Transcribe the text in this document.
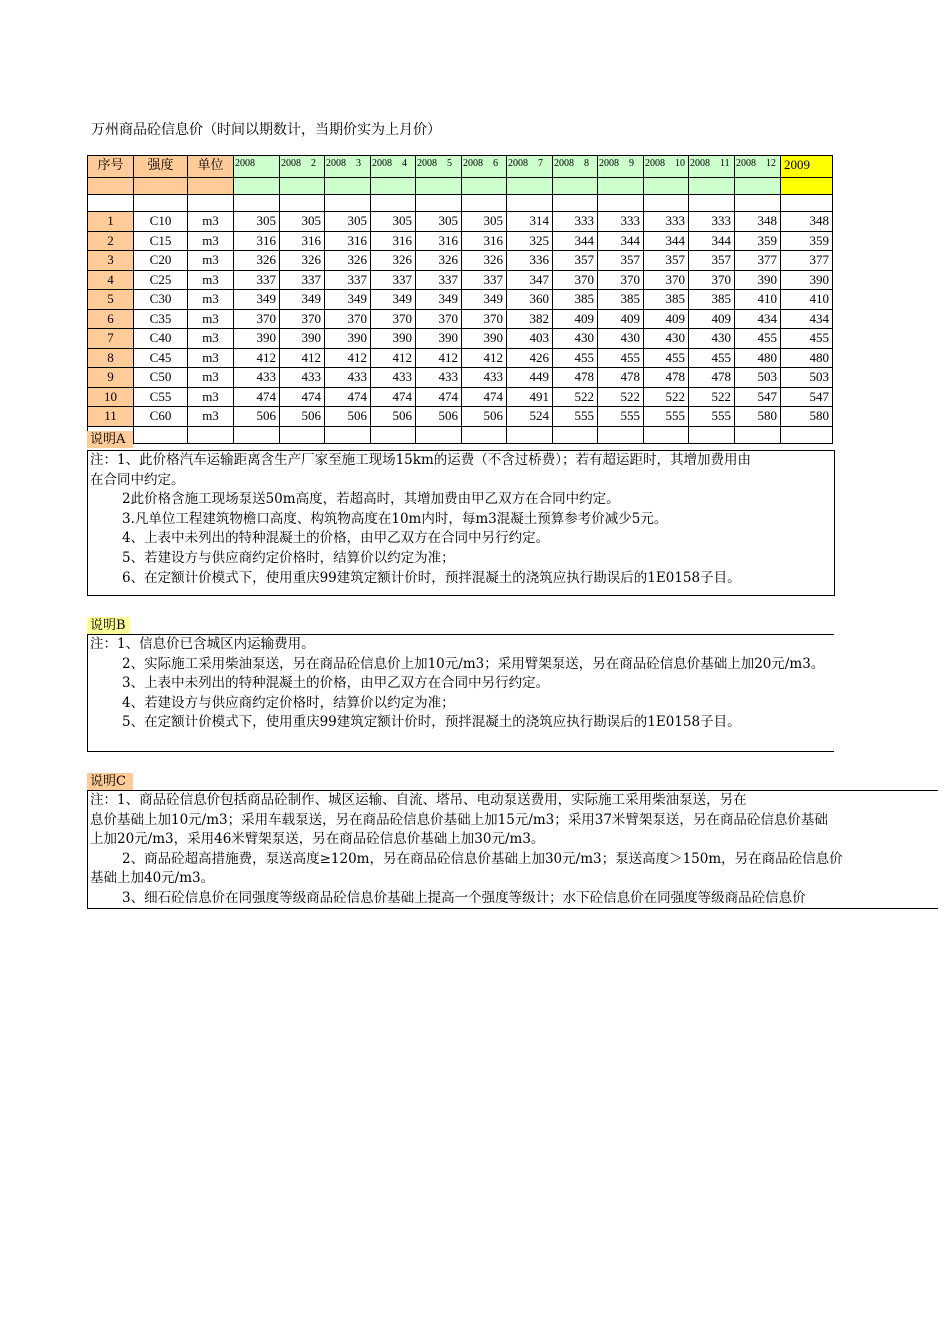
万州商品砼信息价（时间以期数计，当期价实为上月价）
序号	强度	单位	2008	2008　2	2008　3	2008　4	2008　5	2008　6	2008　7	2008　8	2008　9	2008　10	2008　11	2008　12	2009

1	C10	m3	305	305	305	305	305	305	314	333	333	333	333	348	348
2	C15	m3	316	316	316	316	316	316	325	344	344	344	344	359	359
3	C20	m3	326	326	326	326	326	326	336	357	357	357	357	377	377
4	C25	m3	337	337	337	337	337	337	347	370	370	370	370	390	390
5	C30	m3	349	349	349	349	349	349	360	385	385	385	385	410	410
6	C35	m3	370	370	370	370	370	370	382	409	409	409	409	434	434
7	C40	m3	390	390	390	390	390	390	403	430	430	430	430	455	455
8	C45	m3	412	412	412	412	412	412	426	455	455	455	455	480	480
9	C50	m3	433	433	433	433	433	433	449	478	478	478	478	503	503
10	C55	m3	474	474	474	474	474	474	491	522	522	522	522	547	547
11	C60	m3	506	506	506	506	506	506	524	555	555	555	555	580	580

说明A
注：1、此价格汽车运输距离含生产厂家至施工现场15km的运费（不含过桥费）；若有超运距时，其增加费用由
在合同中约定。
2此价格含施工现场泵送50m高度，若超高时，其增加费由甲乙双方在合同中约定。
3.凡单位工程建筑物檐口高度、构筑物高度在10m内时，每m3混凝土预算参考价减少5元。
4、上表中未列出的特种混凝土的价格，由甲乙双方在合同中另行约定。
5、若建设方与供应商约定价格时，结算价以约定为准；
6、在定额计价模式下，使用重庆99建筑定额计价时，预拌混凝土的浇筑应执行勘误后的1E0158子目。
说明B
注：1、信息价已含城区内运输费用。
2、实际施工采用柴油泵送，另在商品砼信息价上加10元/m3；采用臂架泵送，另在商品砼信息价基础上加20元/m3。
3、上表中未列出的特种混凝土的价格，由甲乙双方在合同中另行约定。
4、若建设方与供应商约定价格时，结算价以约定为准；
5、在定额计价模式下，使用重庆99建筑定额计价时，预拌混凝土的浇筑应执行勘误后的1E0158子目。
说明C
注：1、商品砼信息价包括商品砼制作、城区运输、自流、塔吊、电动泵送费用，实际施工采用柴油泵送，另在
息价基础上加10元/m3；采用车载泵送，另在商品砼信息价基础上加15元/m3；采用37米臂架泵送，另在商品砼信息价基础
上加20元/m3，采用46米臂架泵送，另在商品砼信息价基础上加30元/m3。
2、商品砼超高措施费，泵送高度≥120m，另在商品砼信息价基础上加30元/m3；泵送高度＞150m，另在商品砼信息价
基础上加40元/m3。
3、细石砼信息价在同强度等级商品砼信息价基础上提高一个强度等级计；水下砼信息价在同强度等级商品砼信息价
